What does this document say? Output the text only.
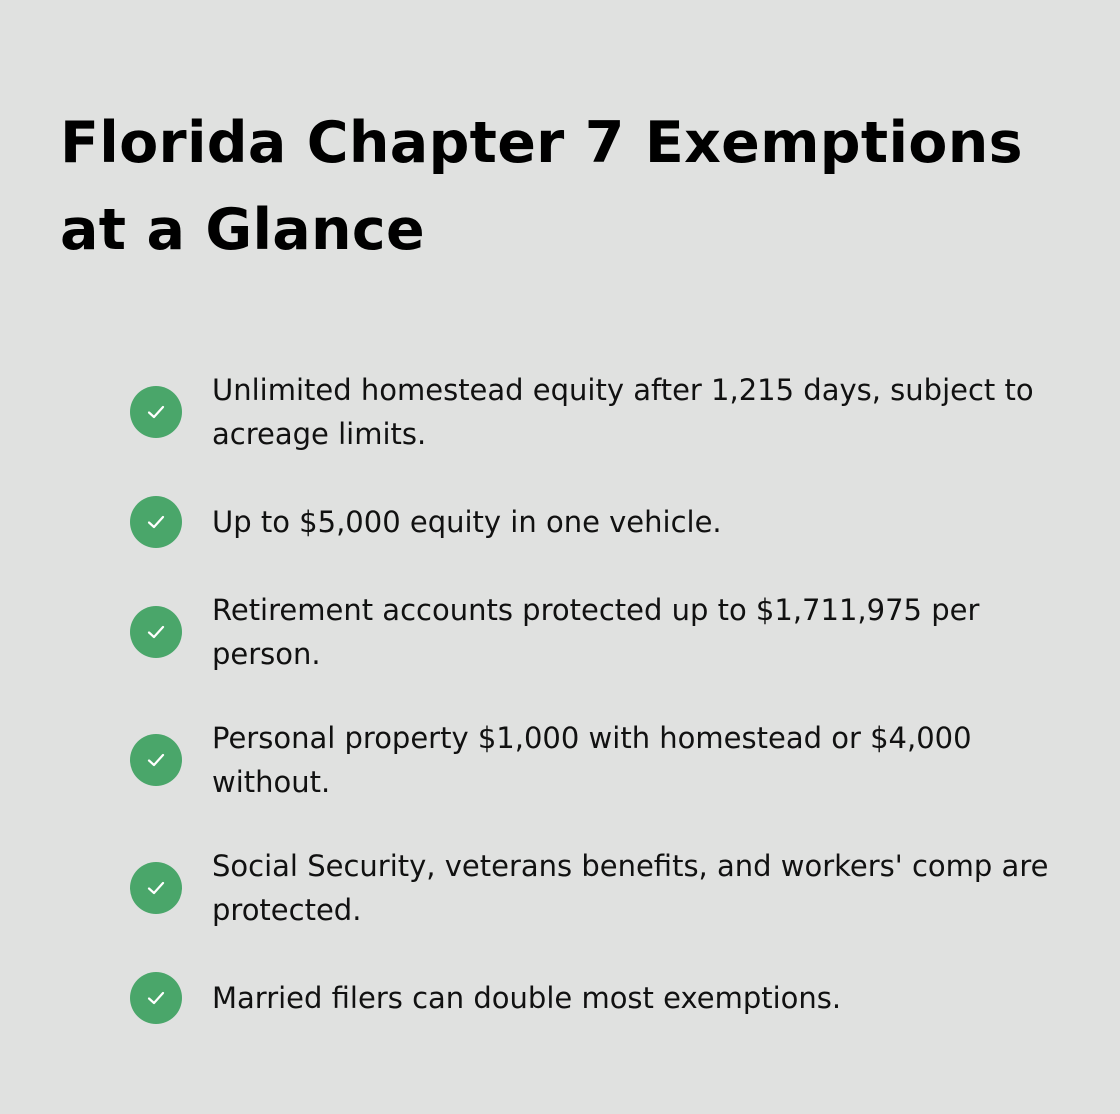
Florida Chapter 7 Exemptions at a Glance
Unlimited homestead equity after 1,215 days, subject to acreage limits.
Up to $5,000 equity in one vehicle.
Retirement accounts protected up to $1,711,975 per person.
Personal property $1,000 with homestead or $4,000 without.
Social Security, veterans benefits, and workers' comp are protected.
Married filers can double most exemptions.
